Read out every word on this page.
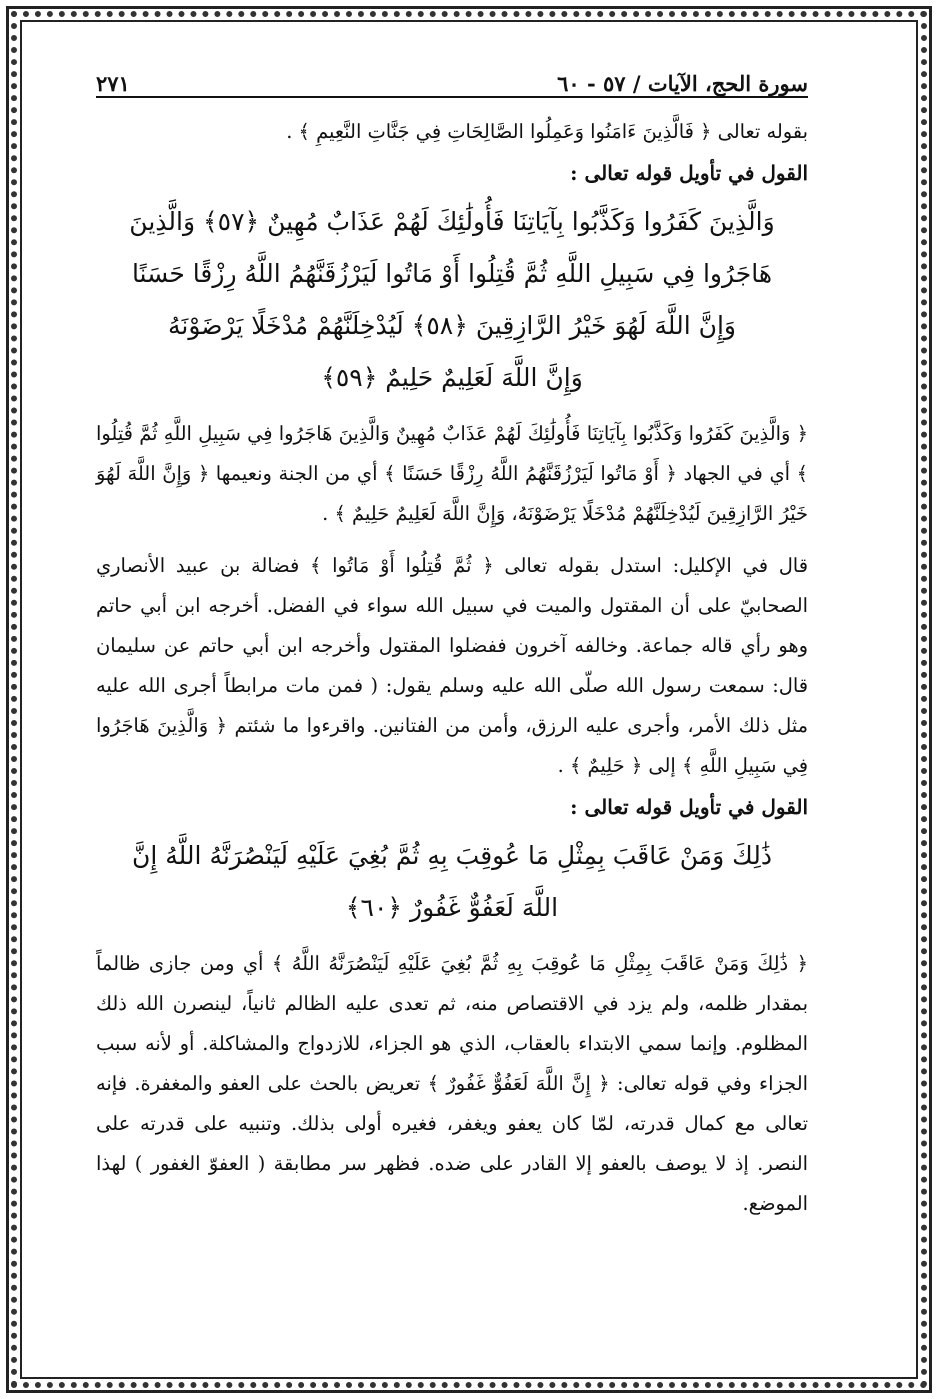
سورة الحج، الآيات / ٥٧ - ٦٠
٢٧١

بقوله تعالى ﴿ فَالَّذِينَ ءَامَنُوا وَعَمِلُوا الصَّالِحَاتِ فِي جَنَّاتِ النَّعِيمِ ﴾ .

القول في تأويل قوله تعالى :

وَالَّذِينَ كَفَرُوا وَكَذَّبُوا بِآيَاتِنَا فَأُولَٰئِكَ لَهُمْ عَذَابٌ مُهِينٌ ﴿٥٧﴾ وَالَّذِينَ
هَاجَرُوا فِي سَبِيلِ اللَّهِ ثُمَّ قُتِلُوا أَوْ مَاتُوا لَيَرْزُقَنَّهُمُ اللَّهُ رِزْقًا حَسَنًا
وَإِنَّ اللَّهَ لَهُوَ خَيْرُ الرَّازِقِينَ ﴿٥٨﴾ لَيُدْخِلَنَّهُمْ مُدْخَلًا يَرْضَوْنَهُ
وَإِنَّ اللَّهَ لَعَلِيمٌ حَلِيمٌ ﴿٥٩﴾

﴿ وَالَّذِينَ كَفَرُوا وَكَذَّبُوا بِآيَاتِنَا فَأُولَٰئِكَ لَهُمْ عَذَابٌ مُهِينٌ وَالَّذِينَ هَاجَرُوا فِي سَبِيلِ اللَّهِ ثُمَّ قُتِلُوا ﴾ أي في الجهاد ﴿ أَوْ مَاتُوا لَيَرْزُقَنَّهُمُ اللَّهُ رِزْقًا حَسَنًا ﴾ أي من الجنة ونعيمها ﴿ وَإِنَّ اللَّهَ لَهُوَ خَيْرُ الرَّازِقِينَ لَيُدْخِلَنَّهُمْ مُدْخَلًا يَرْضَوْنَهُ، وَإِنَّ اللَّهَ لَعَلِيمٌ حَلِيمٌ ﴾ .

قال في الإكليل: استدل بقوله تعالى ﴿ ثُمَّ قُتِلُوا أَوْ مَاتُوا ﴾ فضالة بن عبيد الأنصاري الصحابيّ على أن المقتول والميت في سبيل الله سواء في الفضل. أخرجه ابن أبي حاتم وهو رأي قاله جماعة. وخالفه آخرون ففضلوا المقتول وأخرجه ابن أبي حاتم عن سليمان قال: سمعت رسول الله صلّى الله عليه وسلم يقول: ( فمن مات مرابطاً أجرى الله عليه مثل ذلك الأمر، وأجرى عليه الرزق، وأمن من الفتانين. واقرءوا ما شئتم ﴿ وَالَّذِينَ هَاجَرُوا فِي سَبِيلِ اللَّهِ ﴾ إلى ﴿ حَلِيمٌ ﴾ .

القول في تأويل قوله تعالى :

ذَٰلِكَ وَمَنْ عَاقَبَ بِمِثْلِ مَا عُوقِبَ بِهِ ثُمَّ بُغِيَ عَلَيْهِ لَيَنْصُرَنَّهُ اللَّهُ إِنَّ
اللَّهَ لَعَفُوٌّ غَفُورٌ ﴿٦٠﴾

﴿ ذَٰلِكَ وَمَنْ عَاقَبَ بِمِثْلِ مَا عُوقِبَ بِهِ ثُمَّ بُغِيَ عَلَيْهِ لَيَنْصُرَنَّهُ اللَّهُ ﴾ أي ومن جازى ظالماً بمقدار ظلمه، ولم يزد في الاقتصاص منه، ثم تعدى عليه الظالم ثانياً، لينصرن الله ذلك المظلوم. وإنما سمي الابتداء بالعقاب، الذي هو الجزاء، للازدواج والمشاكلة. أو لأنه سبب الجزاء وفي قوله تعالى: ﴿ إِنَّ اللَّهَ لَعَفُوٌّ غَفُورٌ ﴾ تعريض بالحث على العفو والمغفرة. فإنه تعالى مع كمال قدرته، لمّا كان يعفو ويغفر، فغيره أولى بذلك. وتنبيه على قدرته على النصر. إذ لا يوصف بالعفو إلا القادر على ضده. فظهر سر مطابقة ( العفوّ الغفور ) لهذا الموضع.
